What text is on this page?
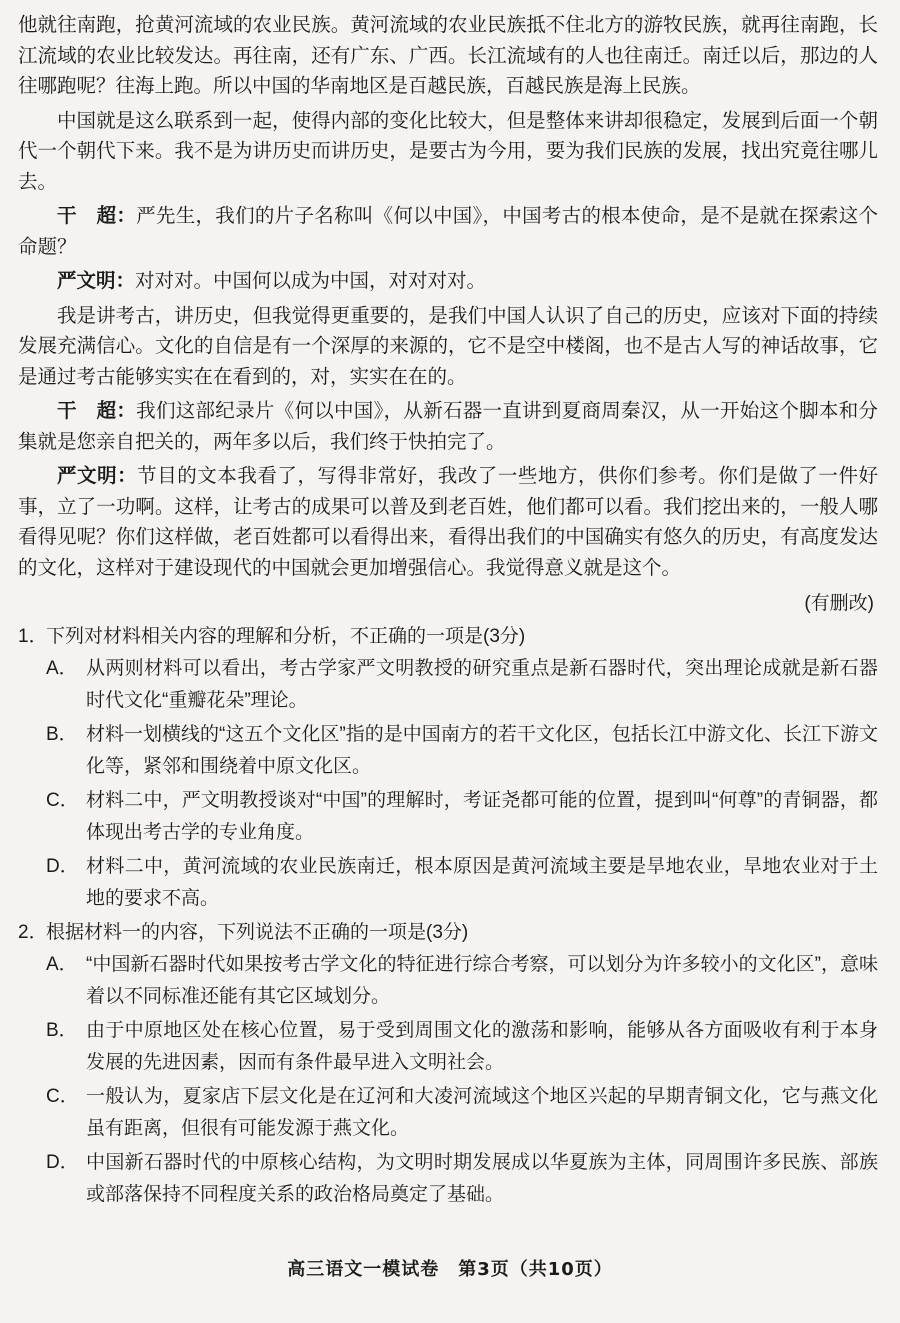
他就往南跑，抢黄河流域的农业民族。黄河流域的农业民族抵不住北方的游牧民族，就再往南跑，长江流域的农业比较发达。再往南，还有广东、广西。长江流域有的人也往南迁。南迁以后，那边的人往哪跑呢？往海上跑。所以中国的华南地区是百越民族，百越民族是海上民族。

中国就是这么联系到一起，使得内部的变化比较大，但是整体来讲却很稳定，发展到后面一个朝代一个朝代下来。我不是为讲历史而讲历史，是要古为今用，要为我们民族的发展，找出究竟往哪儿去。

干　超：严先生，我们的片子名称叫《何以中国》，中国考古的根本使命，是不是就在探索这个命题？

严文明：对对对。中国何以成为中国，对对对对。

我是讲考古，讲历史，但我觉得更重要的，是我们中国人认识了自己的历史，应该对下面的持续发展充满信心。文化的自信是有一个深厚的来源的，它不是空中楼阁，也不是古人写的神话故事，它是通过考古能够实实在在看到的，对，实实在在的。

干　超：我们这部纪录片《何以中国》，从新石器一直讲到夏商周秦汉，从一开始这个脚本和分集就是您亲自把关的，两年多以后，我们终于快拍完了。

严文明：节目的文本我看了，写得非常好，我改了一些地方，供你们参考。你们是做了一件好事，立了一功啊。这样，让考古的成果可以普及到老百姓，他们都可以看。我们挖出来的，一般人哪看得见呢？你们这样做，老百姓都可以看得出来，看得出我们的中国确实有悠久的历史，有高度发达的文化，这样对于建设现代的中国就会更加增强信心。我觉得意义就是这个。

(有删改)
1．
下列对材料相关内容的理解和分析，不正确的一项是(3分)
A． 从两则材料可以看出，考古学家严文明教授的研究重点是新石器时代，突出理论成就是新石器时代文化“重瓣花朵”理论。
B． 材料一划横线的“这五个文化区”指的是中国南方的若干文化区，包括长江中游文化、长江下游文化等，紧邻和围绕着中原文化区。
C． 材料二中，严文明教授谈对“中国”的理解时，考证尧都可能的位置，提到叫“何尊”的青铜器，都体现出考古学的专业角度。
D． 材料二中，黄河流域的农业民族南迁，根本原因是黄河流域主要是旱地农业，旱地农业对于土地的要求不高。
2．
根据材料一的内容，下列说法不正确的一项是(3分)
A． “中国新石器时代如果按考古学文化的特征进行综合考察，可以划分为许多较小的文化区”，意味着以不同标准还能有其它区域划分。
B． 由于中原地区处在核心位置，易于受到周围文化的激荡和影响，能够从各方面吸收有利于本身发展的先进因素，因而有条件最早进入文明社会。
C． 一般认为，夏家店下层文化是在辽河和大凌河流域这个地区兴起的早期青铜文化，它与燕文化虽有距离，但很有可能发源于燕文化。
D． 中国新石器时代的中原核心结构，为文明时期发展成以华夏族为主体，同周围许多民族、部族或部落保持不同程度关系的政治格局奠定了基础。
高三语文一模试卷　第3页（共10页）
